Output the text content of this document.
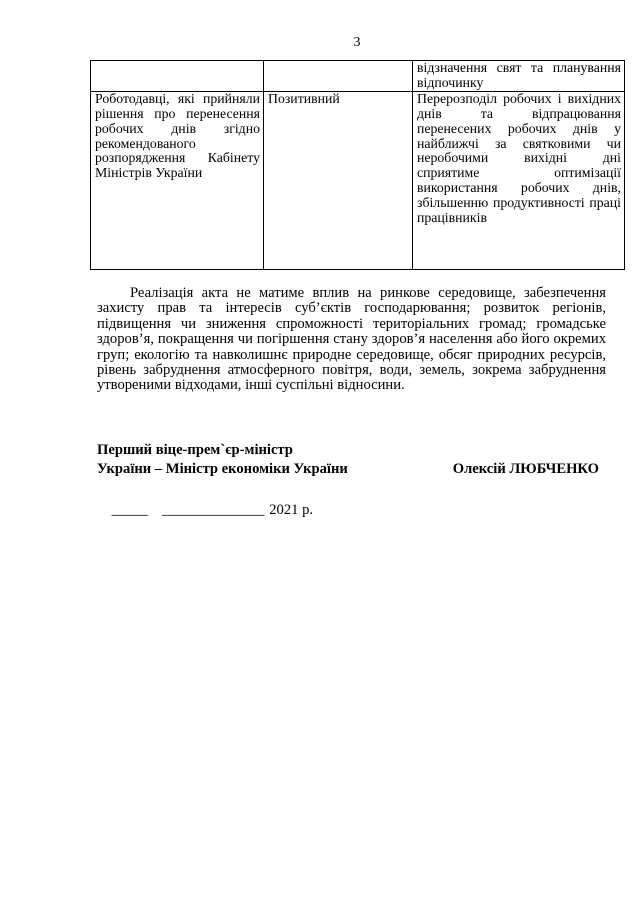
3
		відзначення свят та планування відпочинку
Роботодавці, які прийняли рішення про перенесення робочих днів згідно рекомендованого розпорядження Кабінету Міністрів України	Позитивний	Перерозподіл робочих і вихідних днів та відпрацювання перенесених робочих днів у найближчі за святковими чи неробочими вихідні дні сприятиме оптимізації використання робочих днів, збільшенню продуктивності праці працівників
Реалізація акта не матиме вплив на ринкове середовище, забезпечення захисту прав та інтересів суб’єктів господарювання; розвиток регіонів, підвищення чи зниження спроможності територіальних громад; громадське здоров’я, покращення чи погіршення стану здоров’я населення або його окремих груп; екологію та навколишнє природне середовище, обсяг природних ресурсів, рівень забруднення атмосферного повітря, води, земель, зокрема забруднення утвореними відходами, інші суспільні відносини.
Перший віце-прем`єр-міністр
України – Міністр економіки України	Олексій ЛЮБЧЕНКО

_____ ______________ 2021 р.
